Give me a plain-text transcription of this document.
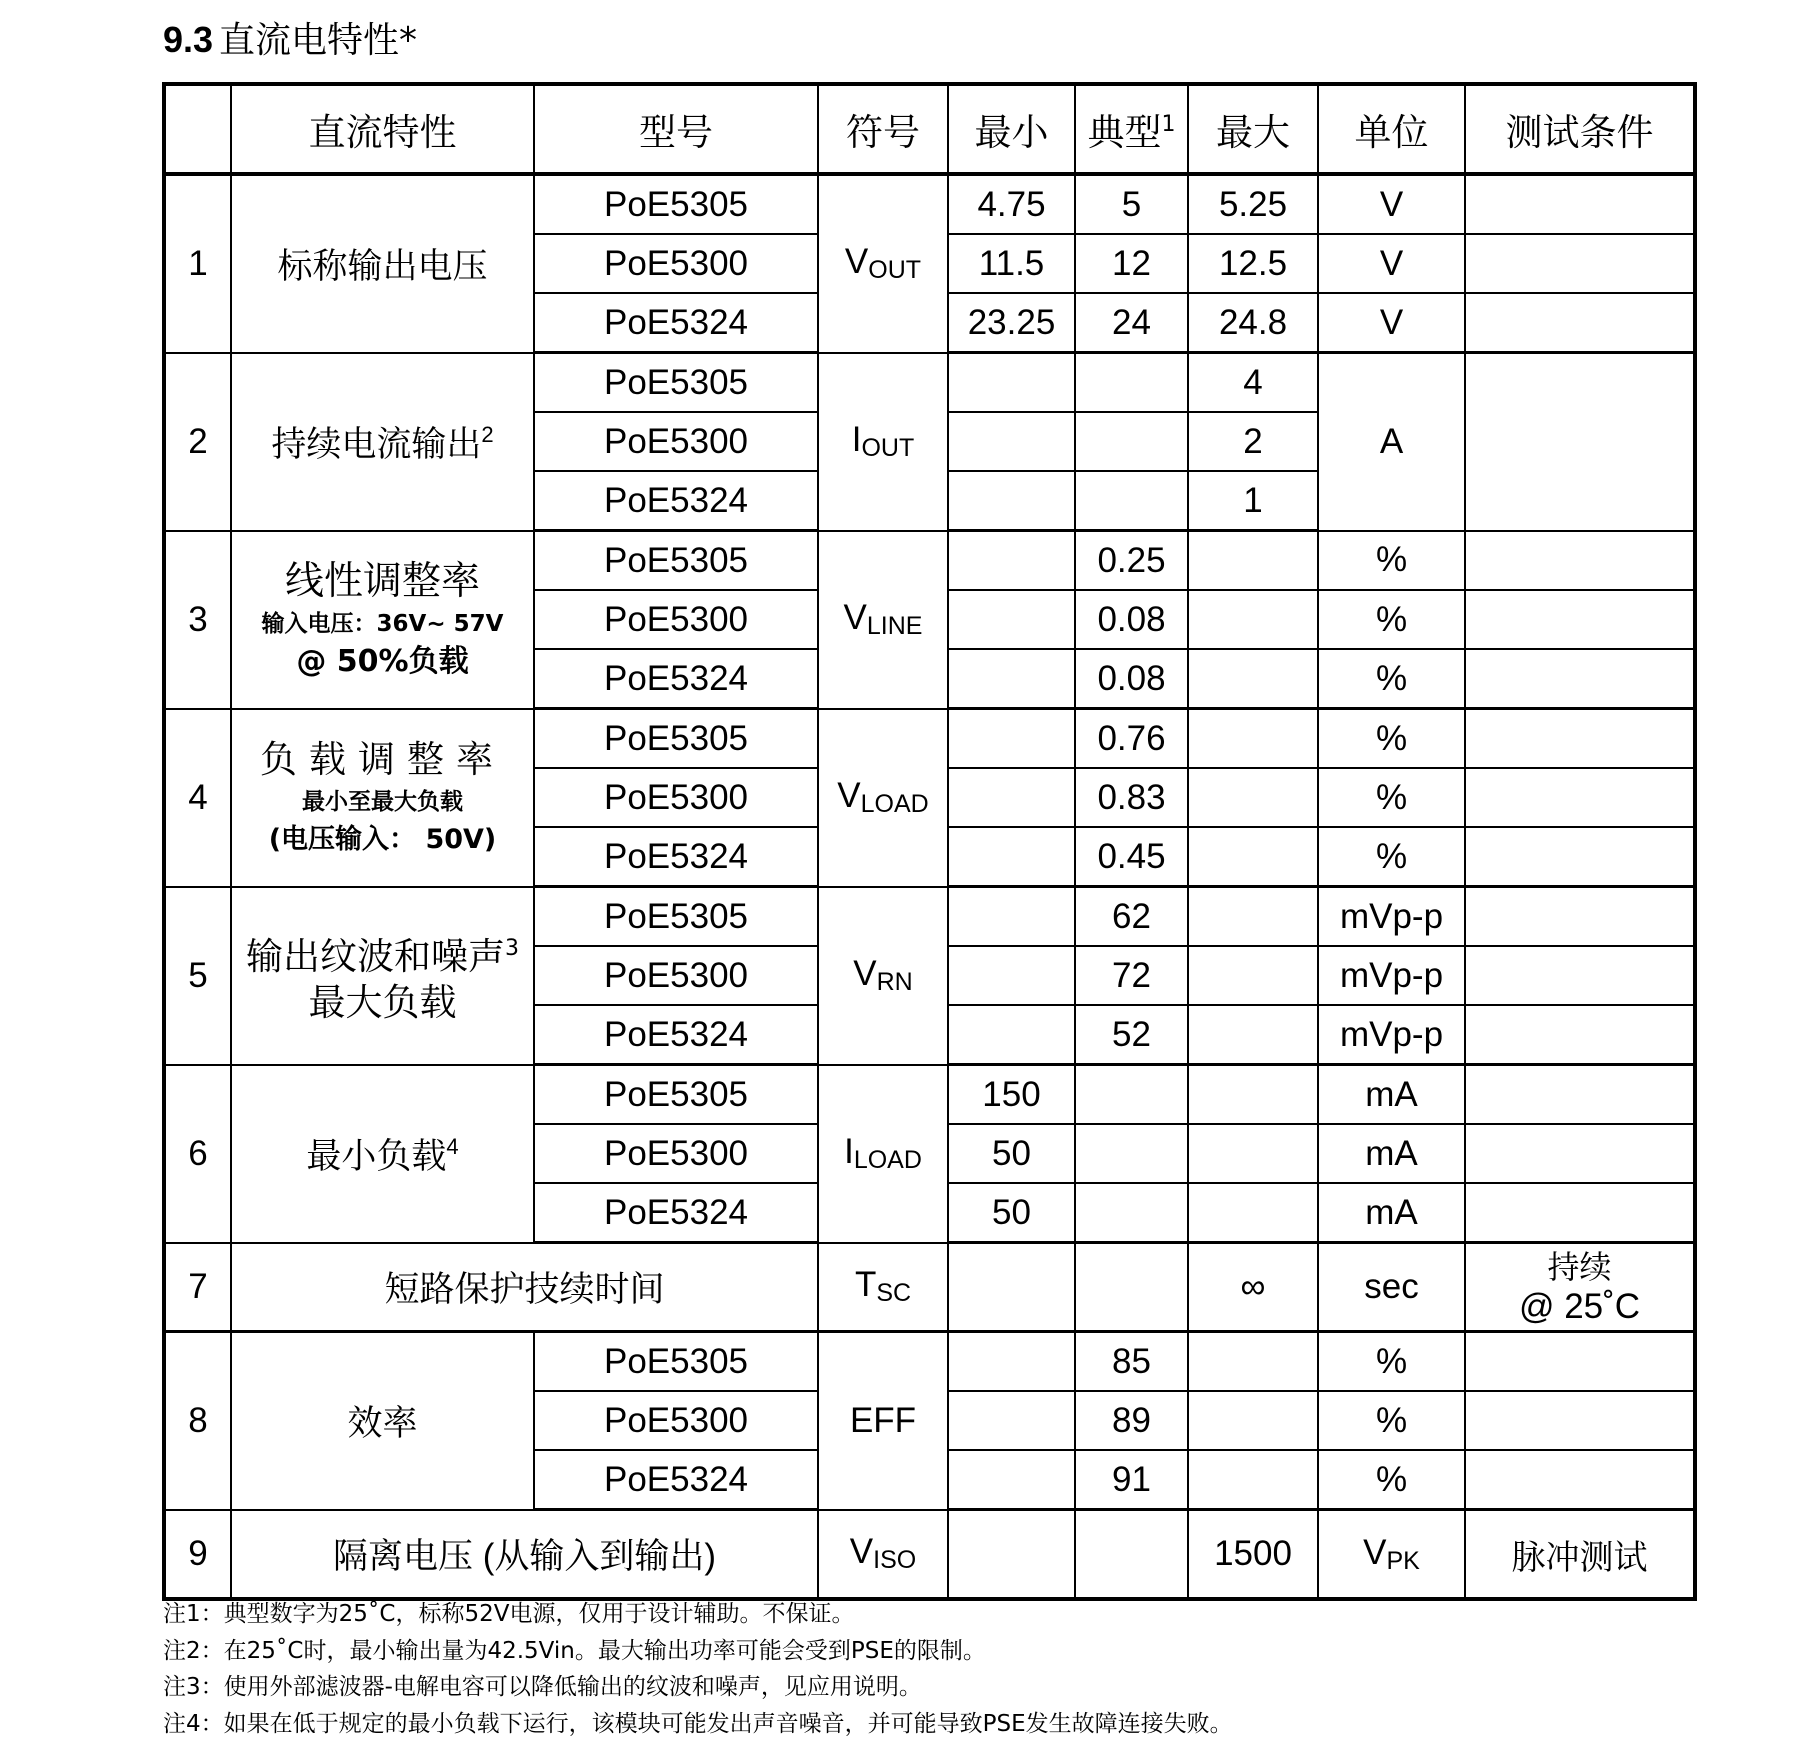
9.3 直流电特性*
	直流特性	型号	符号	最小	典型$^1$	最大	单位	测试条件
1	标称输出电压	PoE5305	VOUT	4.75	5	5.25	V	
		PoE5300		11.5	12	12.5	V	
		PoE5324		23.25	24	24.8	V	
2	持续电流输出$^2$	PoE5305	IOUT			4	A	
		PoE5300				2		
		PoE5324				1		
3	线性调整率
输入电压：36V~ 57V
@ 50%负载	PoE5305	VLINE		0.25		%	
		PoE5300			0.08		%	
		PoE5324			0.08		%	
4	负载调整率
最小至最大负载
(电压输入： 50V)	PoE5305	VLOAD		0.76		%	
		PoE5300			0.83		%	
		PoE5324			0.45		%	
5	输出纹波和噪声$^3$
最大负载	PoE5305	VRN		62		mVp-p	
		PoE5300			72		mVp-p	
		PoE5324			52		mVp-p	
6	最小负载$^4$	PoE5305	ILOAD	150			mA	
		PoE5300		50			mA	
		PoE5324		50			mA	
7	短路保护技续时间		TSC			∞	sec	持续
@ 25˚C

8	效率	PoE5305	EFF		85		%	
		PoE5300			89		%	
		PoE5324			91		%	
9	隔离电压 (从输入到输出)		VISO			1500	VPK	脉冲测试
注1：典型数字为25˚C，标称52V电源，仅用于设计辅助。不保证。
注2：在25˚C时，最小输出量为42.5Vin。最大输出功率可能会受到PSE的限制。
注3：使用外部滤波器-电解电容可以降低输出的纹波和噪声，见应用说明。
注4：如果在低于规定的最小负载下运行，该模块可能发出声音噪音，并可能导致PSE发生故障连接失败。
